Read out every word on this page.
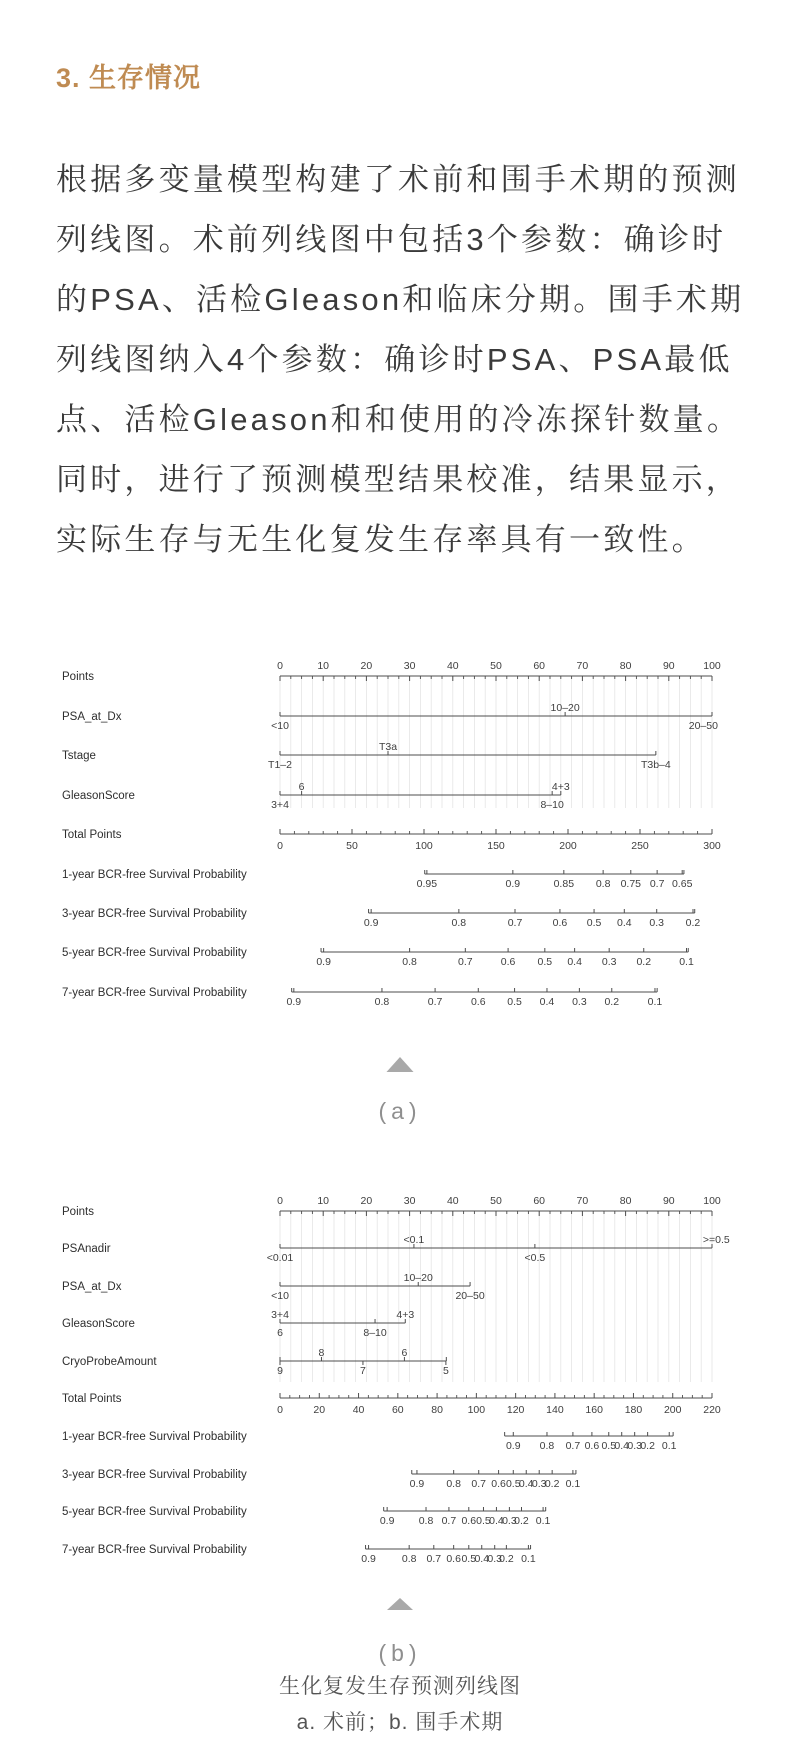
3. 生存情况
根据多变量模型构建了术前和围手术期的预测
列线图。术前列线图中包括3个参数：确诊时
的PSA、活检Gleason和临床分期。围手术期
列线图纳入4个参数：确诊时PSA、PSA最低
点、活检Gleason和和使用的冷冻探针数量。
同时，进行了预测模型结果校准，结果显示，
实际生存与无生化复发生存率具有一致性。
Points
0	10	20	30	40	50	60	70	80	90	100
PSA_at_Dx
10–20
<10	20–50
Tstage
T3a
T1–2	T3b–4
GleasonScore
6	4+3
3+4	8–10
Total Points
0	50	100	150	200	250	300
1-year BCR-free Survival Probability
0.95	0.9	0.85 0.8 0.75 0.7 0.65
3-year BCR-free Survival Probability
0.9	0.8	0.7	0.6 0.5 0.4 0.3 0.2
5-year BCR-free Survival Probability
0.9	0.8	0.7	0.6 0.5 0.4 0.3 0.2	0.1
7-year BCR-free Survival Probability
0.9	0.8	0.7	0.6 0.5 0.4 0.3 0.2	0.1
(a)
Points
0	10	20	30	40	50	60	70	80	90	100
PSAnadir
<0.1	>=0.5
<0.01	<0.5
PSA_at_Dx
10–20
<10	20–50
GleasonScore
3+4	4+3
6	8–10
CryoProbeAmount
8	6
9	7	5
Total Points
0	20	40	60	80 100 120 140 160 180 200 220
1-year BCR-free Survival Probability
0.9 0.8 0.7 0.6 0.5
0.4
0.3
0.2 0.1
3-year BCR-free Survival Probability
0.9 0.8 0.7 0.6 0.5
0.4
0.3
0.2 0.1
5-year BCR-free Survival Probability
0.9 0.8 0.7 0.6 0.5
0.4
0.3
0.2 0.1
7-year BCR-free Survival Probability
0.9 0.8 0.7 0.6 0.5
0.4
0.3
0.2 0.1
(b)
生化复发生存预测列线图
a. 术前；b. 围手术期
